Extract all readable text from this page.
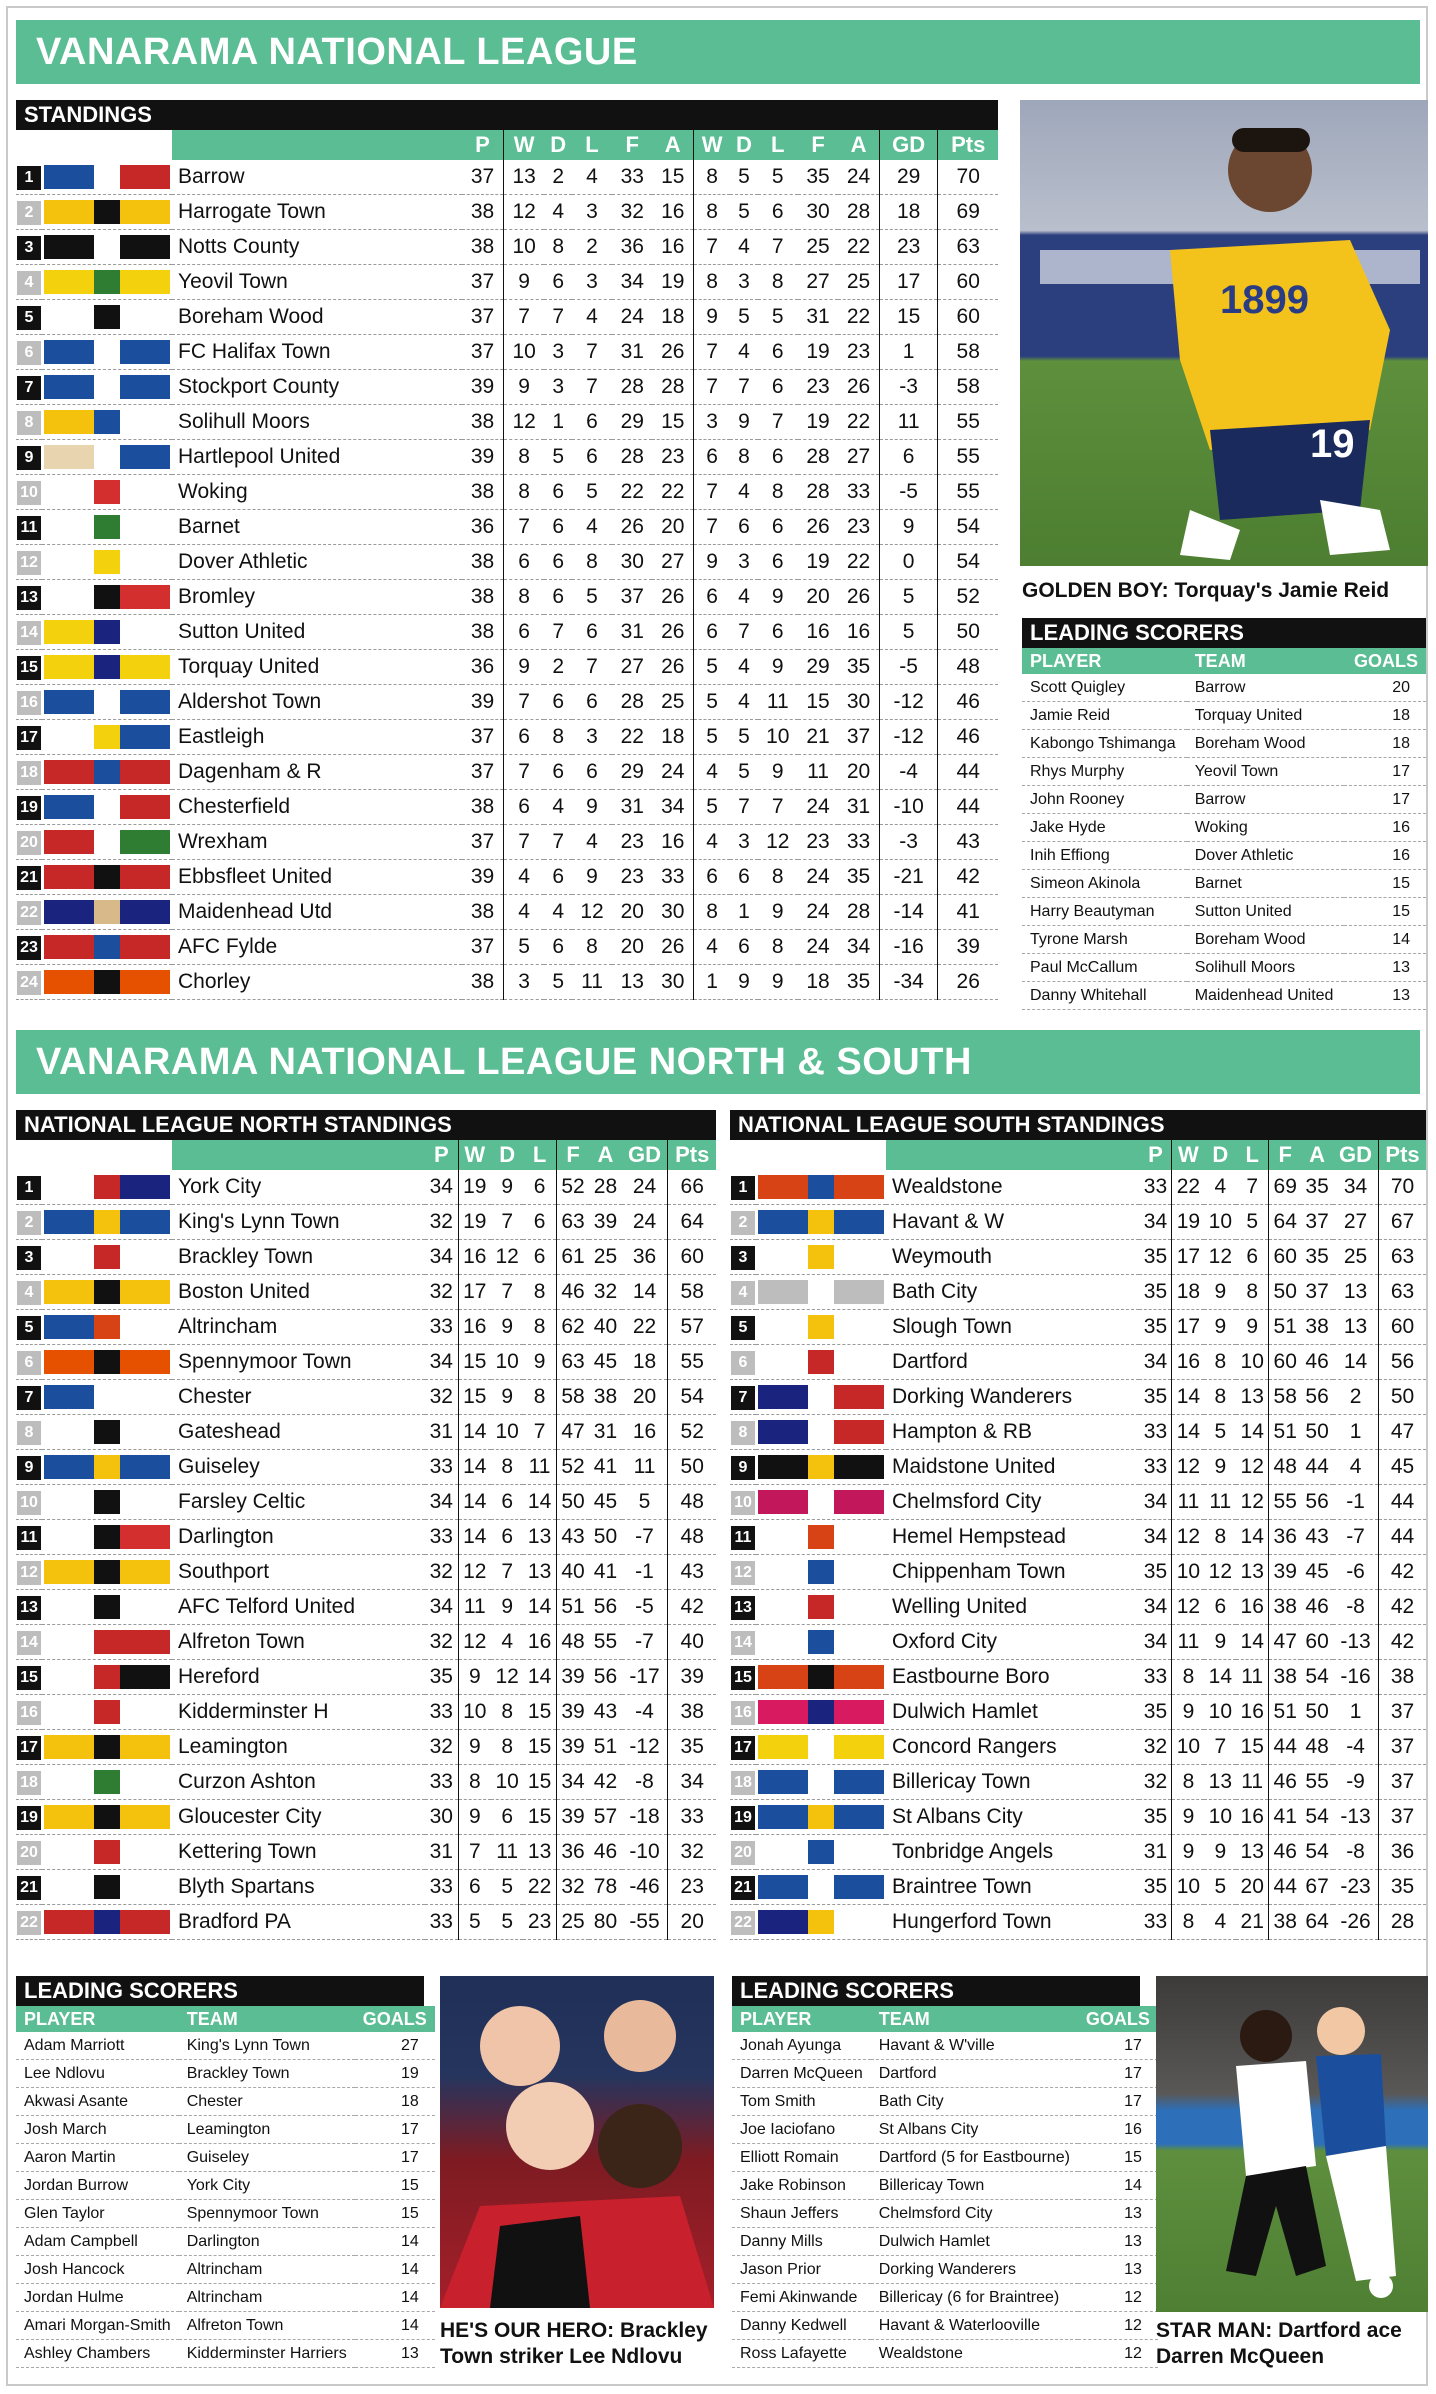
VANARAMA NATIONAL LEAGUE
STANDINGS
			P	W	D	L	F	A	W	D	L	F	A	GD	Pts
1		Barrow	37	13	2	4	33	15	8	5	5	35	24	29	70
2		Harrogate Town	38	12	4	3	32	16	8	5	6	30	28	18	69
3		Notts County	38	10	8	2	36	16	7	4	7	25	22	23	63
4		Yeovil Town	37	9	6	3	34	19	8	3	8	27	25	17	60
5		Boreham Wood	37	7	7	4	24	18	9	5	5	31	22	15	60
6		FC Halifax Town	37	10	3	7	31	26	7	4	6	19	23	1	58
7		Stockport County	39	9	3	7	28	28	7	7	6	23	26	-3	58
8		Solihull Moors	38	12	1	6	29	15	3	9	7	19	22	11	55
9		Hartlepool United	39	8	5	6	28	23	6	8	6	28	27	6	55
10		Woking	38	8	6	5	22	22	7	4	8	28	33	-5	55
11		Barnet	36	7	6	4	26	20	7	6	6	26	23	9	54
12		Dover Athletic	38	6	6	8	30	27	9	3	6	19	22	0	54
13		Bromley	38	8	6	5	37	26	6	4	9	20	26	5	52
14		Sutton United	38	6	7	6	31	26	6	7	6	16	16	5	50
15		Torquay United	36	9	2	7	27	26	5	4	9	29	35	-5	48
16		Aldershot Town	39	7	6	6	28	25	5	4	11	15	30	-12	46
17		Eastleigh	37	6	8	3	22	18	5	5	10	21	37	-12	46
18		Dagenham & R	37	7	6	6	29	24	4	5	9	11	20	-4	44
19		Chesterfield	38	6	4	9	31	34	5	7	7	24	31	-10	44
20		Wrexham	37	7	7	4	23	16	4	3	12	23	33	-3	43
21		Ebbsfleet United	39	4	6	9	23	33	6	6	8	24	35	-21	42
22		Maidenhead Utd	38	4	4	12	20	30	8	1	9	24	28	-14	41
23		AFC Fylde	37	5	6	8	20	26	4	6	8	24	34	-16	39
24		Chorley	38	3	5	11	13	30	1	9	9	18	35	-34	26
1899
19
GOLDEN BOY: Torquay's Jamie Reid
LEADING SCORERS
PLAYER	TEAM	GOALS
Scott Quigley	Barrow	20
Jamie Reid	Torquay United	18
Kabongo Tshimanga	Boreham Wood	18
Rhys Murphy	Yeovil Town	17
John Rooney	Barrow	17
Jake Hyde	Woking	16
Inih Effiong	Dover Athletic	16
Simeon Akinola	Barnet	15
Harry Beautyman	Sutton United	15
Tyrone Marsh	Boreham Wood	14
Paul McCallum	Solihull Moors	13
Danny Whitehall	Maidenhead United	13
VANARAMA NATIONAL LEAGUE NORTH & SOUTH
NATIONAL LEAGUE NORTH STANDINGS
			P	W	D	L	F	A	GD	Pts
1		York City	34	19	9	6	52	28	24	66
2		King's Lynn Town	32	19	7	6	63	39	24	64
3		Brackley Town	34	16	12	6	61	25	36	60
4		Boston United	32	17	7	8	46	32	14	58
5		Altrincham	33	16	9	8	62	40	22	57
6		Spennymoor Town	34	15	10	9	63	45	18	55
7		Chester	32	15	9	8	58	38	20	54
8		Gateshead	31	14	10	7	47	31	16	52
9		Guiseley	33	14	8	11	52	41	11	50
10		Farsley Celtic	34	14	6	14	50	45	5	48
11		Darlington	33	14	6	13	43	50	-7	48
12		Southport	32	12	7	13	40	41	-1	43
13		AFC Telford United	34	11	9	14	51	56	-5	42
14		Alfreton Town	32	12	4	16	48	55	-7	40
15		Hereford	35	9	12	14	39	56	-17	39
16		Kidderminster H	33	10	8	15	39	43	-4	38
17		Leamington	32	9	8	15	39	51	-12	35
18		Curzon Ashton	33	8	10	15	34	42	-8	34
19		Gloucester City	30	9	6	15	39	57	-18	33
20		Kettering Town	31	7	11	13	36	46	-10	32
21		Blyth Spartans	33	6	5	22	32	78	-46	23
22		Bradford PA	33	5	5	23	25	80	-55	20
NATIONAL LEAGUE SOUTH STANDINGS
			P	W	D	L	F	A	GD	Pts
1		Wealdstone	33	22	4	7	69	35	34	70
2		Havant & W	34	19	10	5	64	37	27	67
3		Weymouth	35	17	12	6	60	35	25	63
4		Bath City	35	18	9	8	50	37	13	63
5		Slough Town	35	17	9	9	51	38	13	60
6		Dartford	34	16	8	10	60	46	14	56
7		Dorking Wanderers	35	14	8	13	58	56	2	50
8		Hampton & RB	33	14	5	14	51	50	1	47
9		Maidstone United	33	12	9	12	48	44	4	45
10		Chelmsford City	34	11	11	12	55	56	-1	44
11		Hemel Hempstead	34	12	8	14	36	43	-7	44
12		Chippenham Town	35	10	12	13	39	45	-6	42
13		Welling United	34	12	6	16	38	46	-8	42
14		Oxford City	34	11	9	14	47	60	-13	42
15		Eastbourne Boro	33	8	14	11	38	54	-16	38
16		Dulwich Hamlet	35	9	10	16	51	50	1	37
17		Concord Rangers	32	10	7	15	44	48	-4	37
18		Billericay Town	32	8	13	11	46	55	-9	37
19		St Albans City	35	9	10	16	41	54	-13	37
20		Tonbridge Angels	31	9	9	13	46	54	-8	36
21		Braintree Town	35	10	5	20	44	67	-23	35
22		Hungerford Town	33	8	4	21	38	64	-26	28
LEADING SCORERS
PLAYER	TEAM	GOALS
Adam Marriott	King's Lynn Town	27
Lee Ndlovu	Brackley Town	19
Akwasi Asante	Chester	18
Josh March	Leamington	17
Aaron Martin	Guiseley	17
Jordan Burrow	York City	15
Glen Taylor	Spennymoor Town	15
Adam Campbell	Darlington	14
Josh Hancock	Altrincham	14
Jordan Hulme	Altrincham	14
Amari Morgan-Smith	Alfreton Town	14
Ashley Chambers	Kidderminster Harriers	13
HE'S OUR HERO: Brackley Town striker Lee Ndlovu
LEADING SCORERS
PLAYER	TEAM	GOALS
Jonah Ayunga	Havant & W'ville	17
Darren McQueen	Dartford	17
Tom Smith	Bath City	17
Joe Iaciofano	St Albans City	16
Elliott Romain	Dartford (5 for Eastbourne)	15
Jake Robinson	Billericay Town	14
Shaun Jeffers	Chelmsford City	13
Danny Mills	Dulwich Hamlet	13
Jason Prior	Dorking Wanderers	13
Femi Akinwande	Billericay (6 for Braintree)	12
Danny Kedwell	Havant & Waterlooville	12
Ross Lafayette	Wealdstone	12
STAR MAN: Dartford ace Darren McQueen
